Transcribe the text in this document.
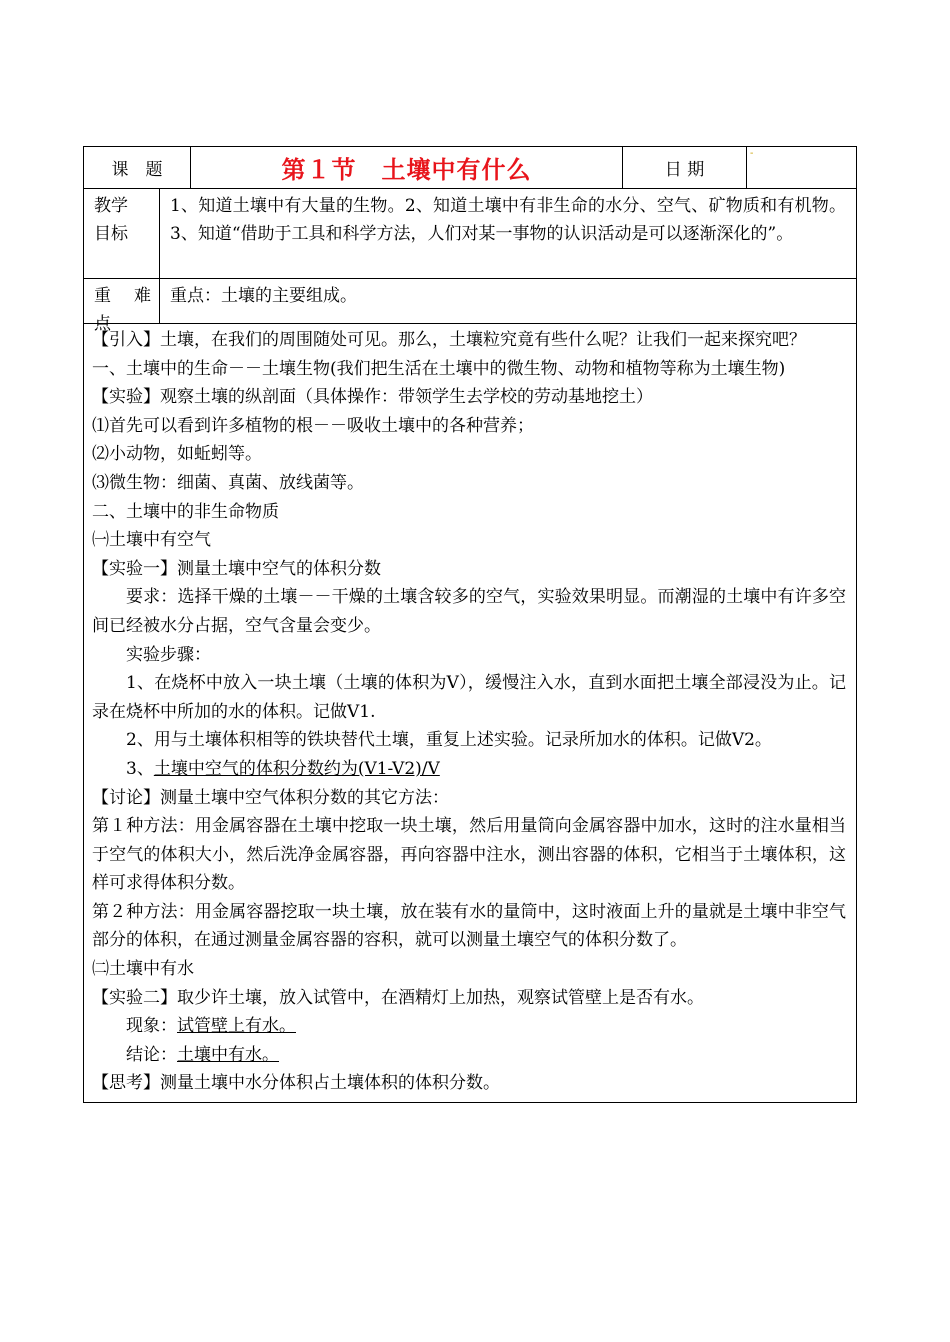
课　题	第１节　土壤中有什么	日 期
-
教学
目标
1、知道土壤中有大量的生物。2、知道土壤中有非生命的水分、空气、矿物质和有机物。3、知道“借助于工具和科学方法，人们对某一事物的认识活动是可以逐渐深化的”。
重 难
点
重点：土壤的主要组成。

【引入】土壤，在我们的周围随处可见。那么，土壤粒究竟有些什么呢？让我们一起来探究吧？

一、土壤中的生命－－土壤生物(我们把生活在土壤中的微生物、动物和植物等称为土壤生物)

【实验】观察土壤的纵剖面（具体操作：带领学生去学校的劳动基地挖土）

⑴首先可以看到许多植物的根－－吸收土壤中的各种营养；

⑵小动物，如蚯蚓等。

⑶微生物：细菌、真菌、放线菌等。

二、土壤中的非生命物质

㈠土壤中有空气

【实验一】测量土壤中空气的体积分数

要求：选择干燥的土壤－－干燥的土壤含较多的空气，实验效果明显。而潮湿的土壤中有许多空间已经被水分占据，空气含量会变少。

实验步骤：

1、在烧杯中放入一块土壤（土壤的体积为V），缓慢注入水，直到水面把土壤全部浸没为止。记录在烧杯中所加的水的体积。记做V1.

2、用与土壤体积相等的铁块替代土壤，重复上述实验。记录所加水的体积。记做V2。

3、土壤中空气的体积分数约为(V1-V2)/V

【讨论】测量土壤中空气体积分数的其它方法：

第１种方法：用金属容器在土壤中挖取一块土壤，然后用量筒向金属容器中加水，这时的注水量相当于空气的体积大小，然后洗净金属容器，再向容器中注水，测出容器的体积，它相当于土壤体积，这样可求得体积分数。

第２种方法：用金属容器挖取一块土壤，放在装有水的量筒中，这时液面上升的量就是土壤中非空气部分的体积，在通过测量金属容器的容积，就可以测量土壤空气的体积分数了。

㈡土壤中有水

【实验二】取少许土壤，放入试管中，在酒精灯上加热，观察试管壁上是否有水。

现象：试管壁上有水。

结论：土壤中有水。

【思考】测量土壤中水分体积占土壤体积的体积分数。
